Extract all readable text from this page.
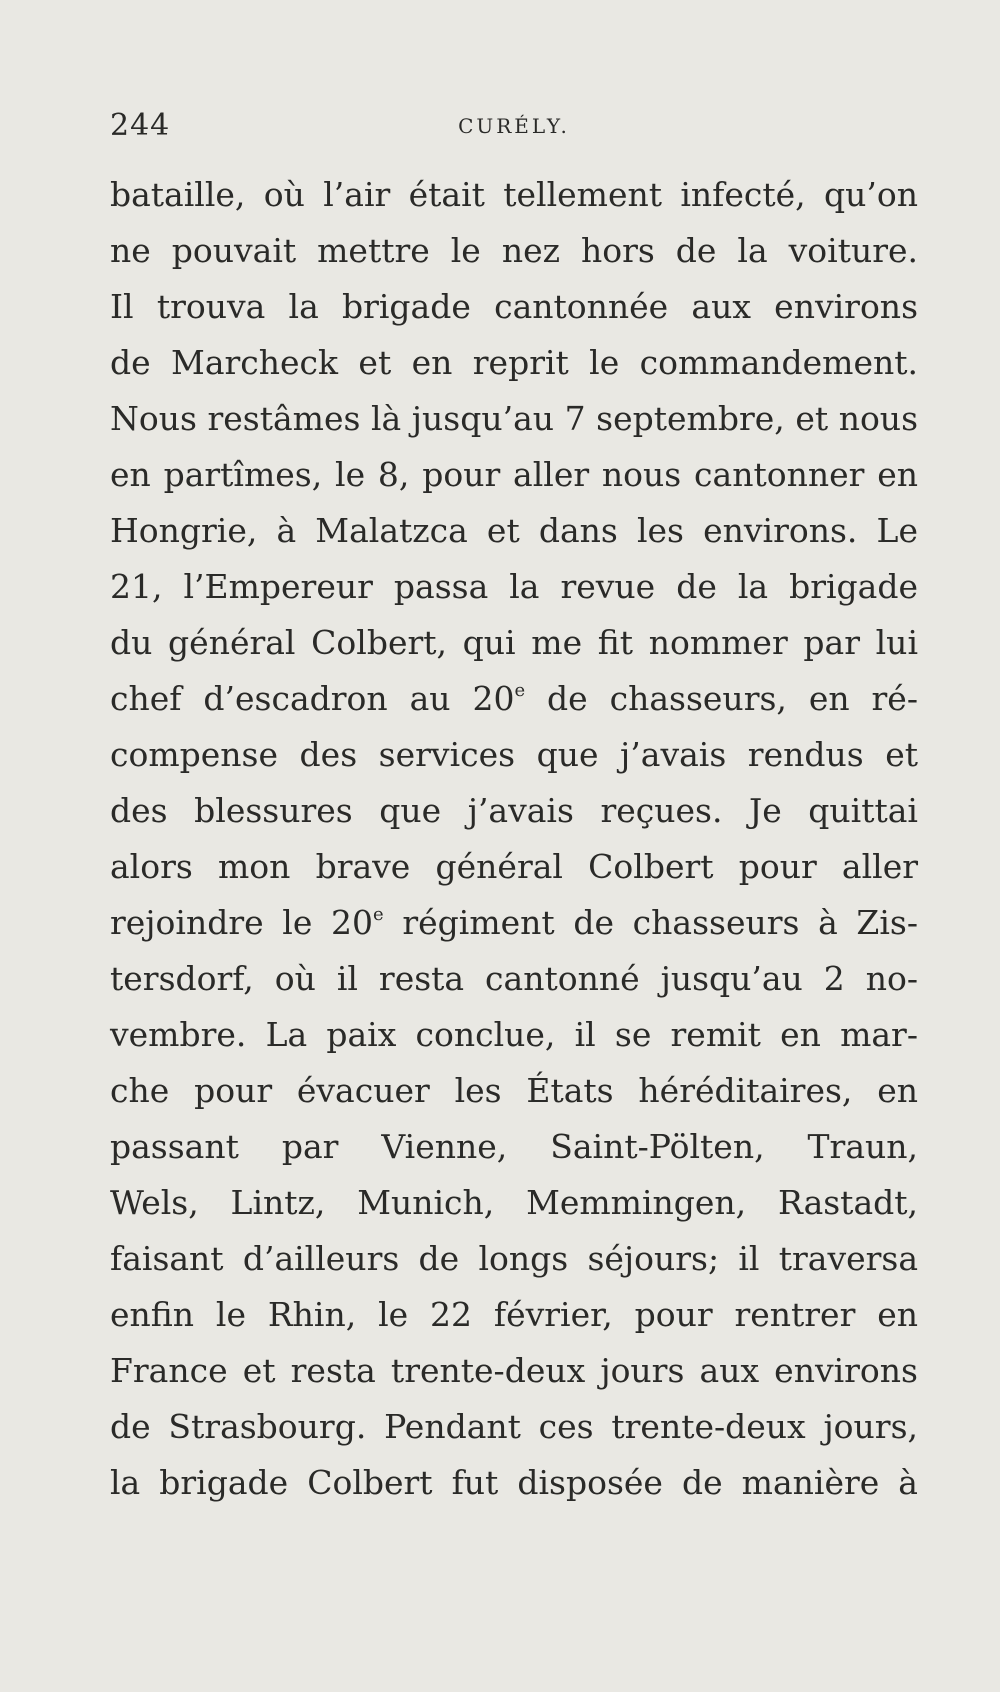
244	CURÉLY.
bataille, où l’air était tellement infecté, qu’on
ne pouvait mettre le nez hors de la voiture.
Il trouva la brigade cantonnée aux environs
de Marcheck et en reprit le commandement.
Nous restâmes là jusqu’au 7 septembre, et nous
en partîmes, le 8, pour aller nous cantonner en
Hongrie, à Malatzca et dans les environs. Le
21, l’Empereur passa la revue de la brigade
du général Colbert, qui me fit nommer par lui
chef d’escadron au 20e de chasseurs, en ré-
compense des services que j’avais rendus et
des blessures que j’avais reçues. Je quittai
alors mon brave général Colbert pour aller
rejoindre le 20e régiment de chasseurs à Zis-
tersdorf, où il resta cantonné jusqu’au 2 no-
vembre. La paix conclue, il se remit en mar-
che pour évacuer les États héréditaires, en
passant par Vienne, Saint-Pölten, Traun,
Wels, Lintz, Munich, Memmingen, Rastadt,
faisant d’ailleurs de longs séjours; il traversa
enfin le Rhin, le 22 février, pour rentrer en
France et resta trente-deux jours aux environs
de Strasbourg. Pendant ces trente-deux jours,
la brigade Colbert fut disposée de manière à
